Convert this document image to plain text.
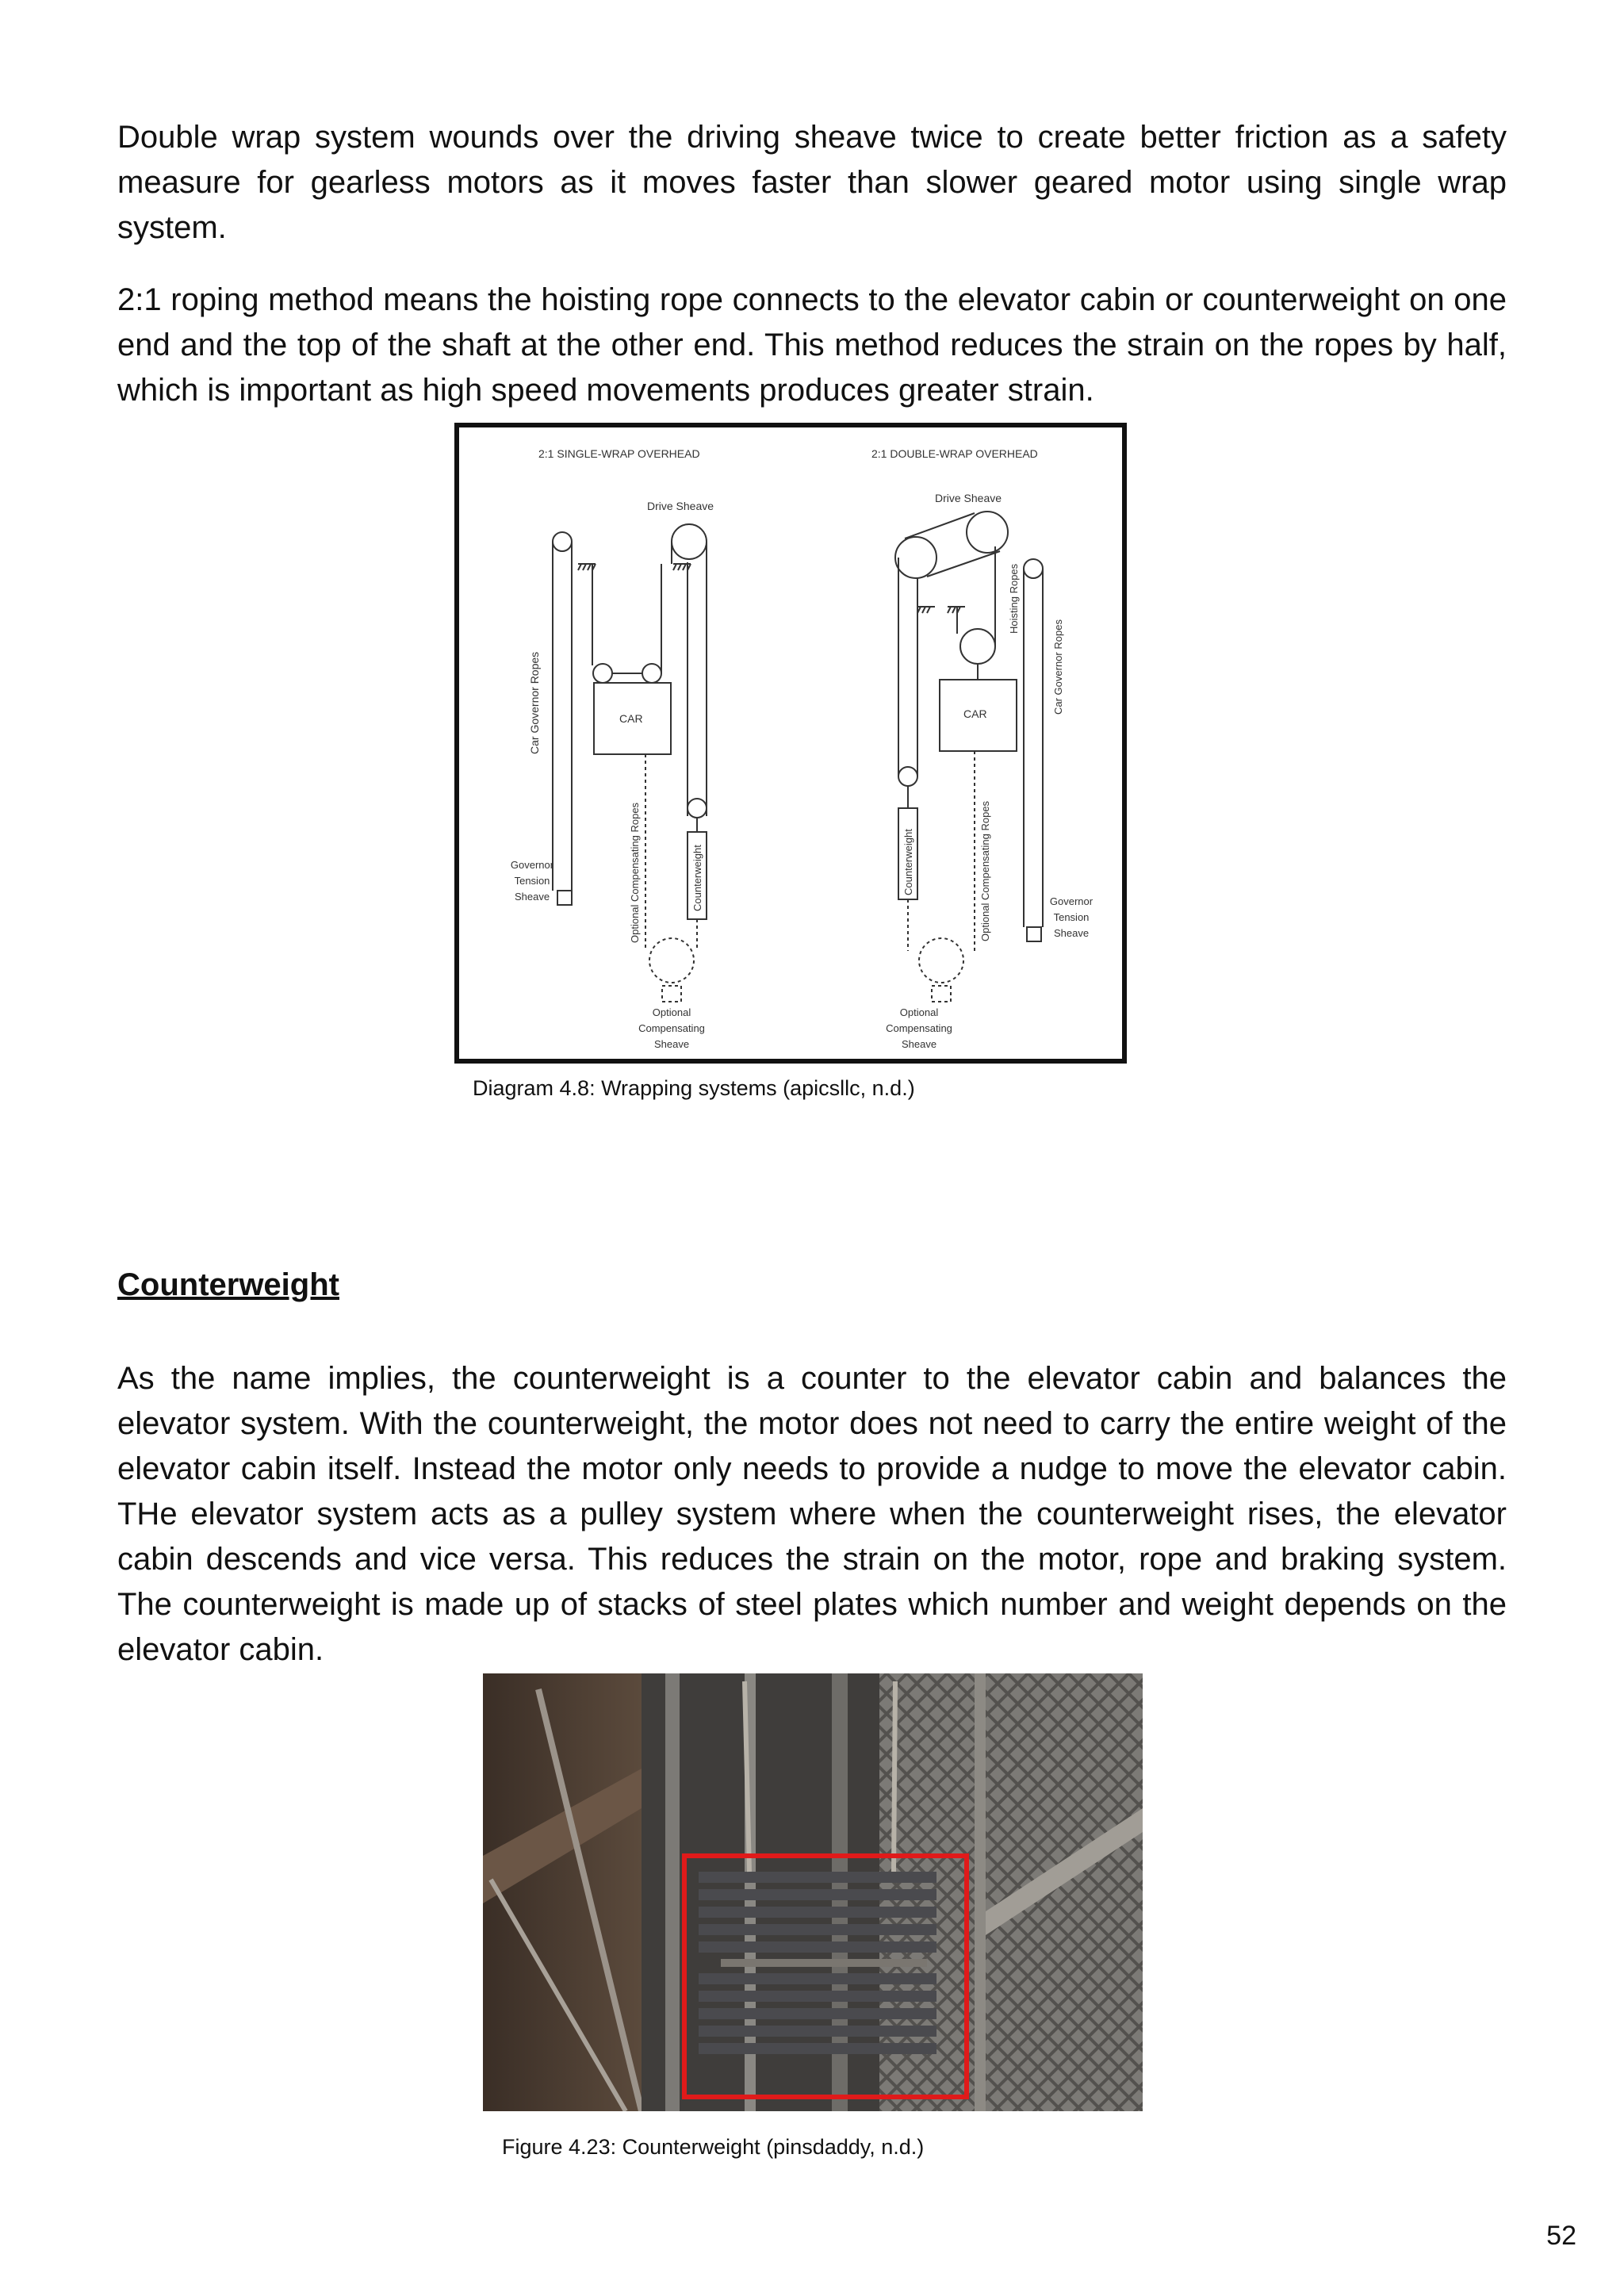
Double wrap system wounds over the driving sheave twice to create better friction as a safety measure for gearless motors as it moves faster than slower geared motor using single wrap system.

2:1 roping method means the hoisting rope connects to the elevator cabin or counterweight on one end and the top of the shaft at the other end. This method reduces the strain on the ropes by half, which is important as high speed movements produces greater strain.

2:1 SINGLE-WRAP OVERHEAD	2:1 DOUBLE-WRAP OVERHEAD
Drive Sheave
Car Governor Ropes
Governor
Tension
Sheave
CAR
Counterweight
Optional Compensating Ropes
Optional
Compensating
Sheave
Drive Sheave
Hoisting Ropes
Counterweight
CAR	Car Governor Ropes
Governor
Tension
Sheave
Optional Compensating Ropes
Optional
Compensating
Sheave

Diagram 4.8: Wrapping systems (apicsllc, n.d.)

Counterweight

As the name implies, the counterweight is a counter to the elevator cabin and balances the elevator system. With the counterweight, the motor does not need to carry the entire weight of the elevator cabin itself. Instead the motor only needs to provide a nudge to move the elevator cabin. THe elevator system acts as a pulley system where when the counterweight rises, the elevator cabin descends and vice versa. This reduces the strain on the motor, rope and braking system. The counterweight is made up of stacks of steel plates which number and weight depends on the elevator cabin.

Figure 4.23: Counterweight (pinsdaddy, n.d.)

52
